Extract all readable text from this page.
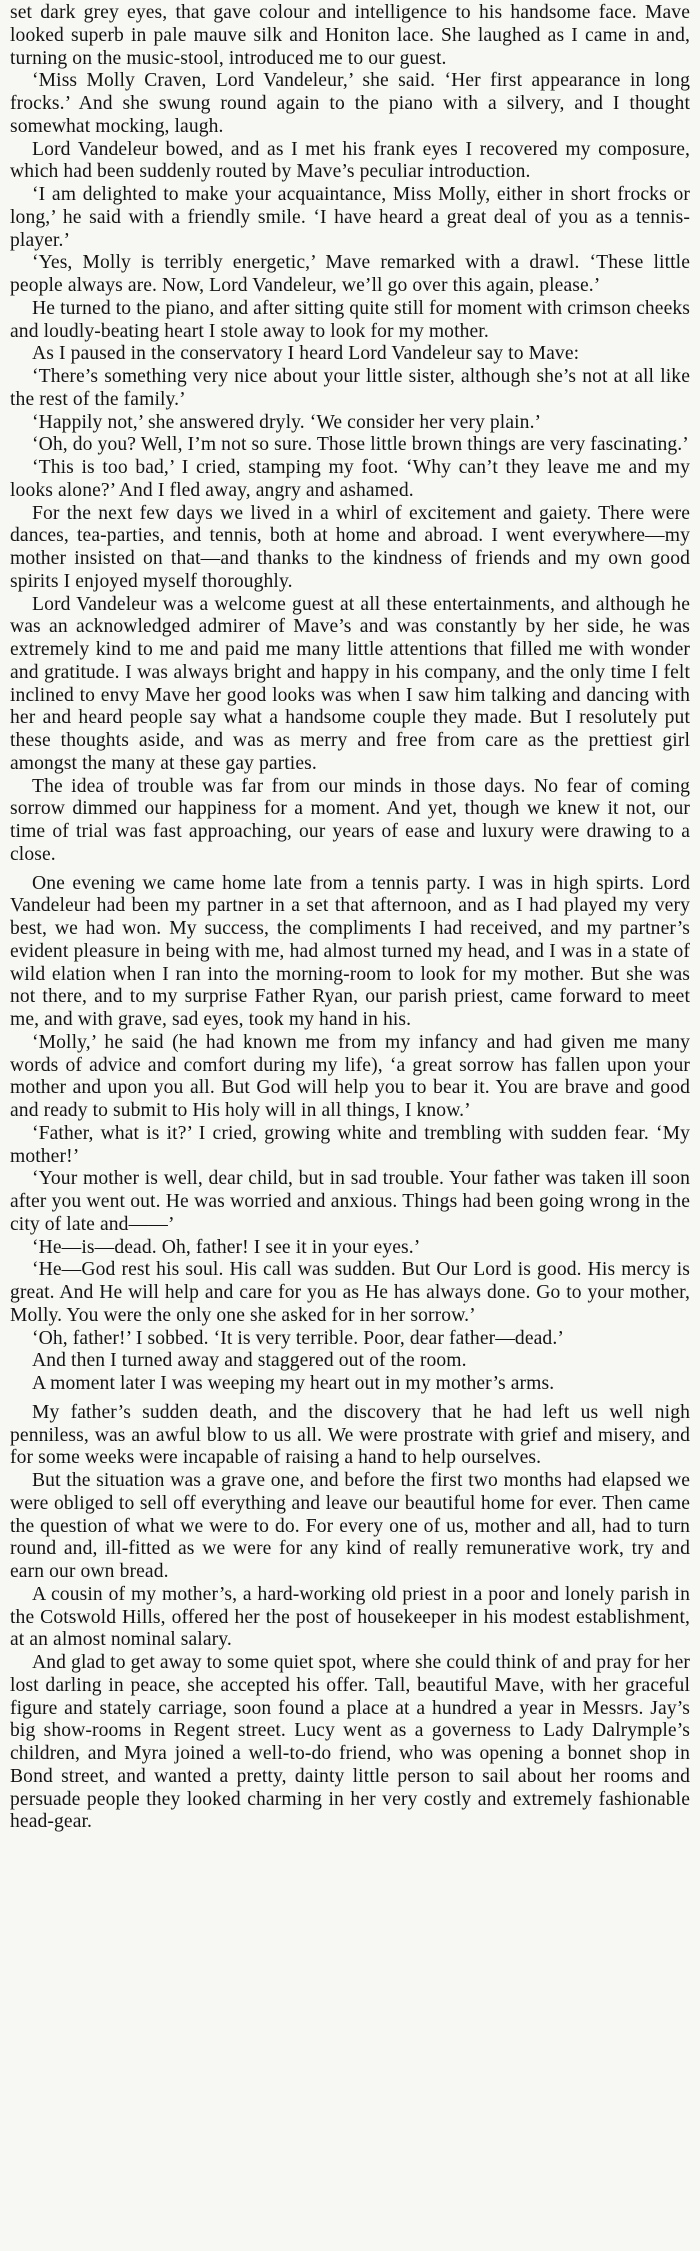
set dark grey eyes, that gave colour and intelligence to his handsome face. Mave looked superb in pale mauve silk and Honiton lace. She laughed as I came in and, turning on the music-stool, introduced me to our guest.

‘Miss Molly Craven, Lord Vandeleur,’ she said. ‘Her first appearance in long frocks.’ And she swung round again to the piano with a silvery, and I thought somewhat mocking, laugh.

Lord Vandeleur bowed, and as I met his frank eyes I recovered my composure, which had been suddenly routed by Mave’s peculiar introduction.

‘I am delighted to make your acquaintance, Miss Molly, either in short frocks or long,’ he said with a friendly smile. ‘I have heard a great deal of you as a tennis-player.’

‘Yes, Molly is terribly energetic,’ Mave remarked with a drawl. ‘These little people always are. Now, Lord Vandeleur, we’ll go over this again, please.’

He turned to the piano, and after sitting quite still for moment with crimson cheeks and loudly-beating heart I stole away to look for my mother.

As I paused in the conservatory I heard Lord Vandeleur say to Mave:

‘There’s something very nice about your little sister, although she’s not at all like the rest of the family.’

‘Happily not,’ she answered dryly. ‘We consider her very plain.’

‘Oh, do you? Well, I’m not so sure. Those little brown things are very fascinating.’

‘This is too bad,’ I cried, stamping my foot. ‘Why can’t they leave me and my looks alone?’ And I fled away, angry and ashamed.

For the next few days we lived in a whirl of excitement and gaiety. There were dances, tea-parties, and tennis, both at home and abroad. I went everywhere—my mother insisted on that—and thanks to the kindness of friends and my own good spirits I enjoyed myself thoroughly.

Lord Vandeleur was a welcome guest at all these entertainments, and although he was an acknowledged admirer of Mave’s and was constantly by her side, he was extremely kind to me and paid me many little attentions that filled me with wonder and gratitude. I was always bright and happy in his company, and the only time I felt inclined to envy Mave her good looks was when I saw him talking and dancing with her and heard people say what a handsome couple they made. But I resolutely put these thoughts aside, and was as merry and free from care as the prettiest girl amongst the many at these gay parties.

The idea of trouble was far from our minds in those days. No fear of coming sorrow dimmed our happiness for a moment. And yet, though we knew it not, our time of trial was fast approaching, our years of ease and luxury were drawing to a close.

One evening we came home late from a tennis party. I was in high spirts. Lord Vandeleur had been my partner in a set that afternoon, and as I had played my very best, we had won. My success, the compliments I had received, and my partner’s evident pleasure in being with me, had almost turned my head, and I was in a state of wild elation when I ran into the morning-room to look for my mother. But she was not there, and to my surprise Father Ryan, our parish priest, came forward to meet me, and with grave, sad eyes, took my hand in his.

‘Molly,’ he said (he had known me from my infancy and had given me many words of advice and comfort during my life), ‘a great sorrow has fallen upon your mother and upon you all. But God will help you to bear it. You are brave and good and ready to submit to His holy will in all things, I know.’

‘Father, what is it?’ I cried, growing white and trembling with sudden fear. ‘My mother!’

‘Your mother is well, dear child, but in sad trouble. Your father was taken ill soon after you went out. He was worried and anxious. Things had been going wrong in the city of late and——’

‘He—is—dead. Oh, father! I see it in your eyes.’

‘He—God rest his soul. His call was sudden. But Our Lord is good. His mercy is great. And He will help and care for you as He has always done. Go to your mother, Molly. You were the only one she asked for in her sorrow.’

‘Oh, father!’ I sobbed. ‘It is very terrible. Poor, dear father—dead.’

And then I turned away and staggered out of the room.

A moment later I was weeping my heart out in my mother’s arms.

My father’s sudden death, and the discovery that he had left us well nigh penniless, was an awful blow to us all. We were prostrate with grief and misery, and for some weeks were incapable of raising a hand to help ourselves.

But the situation was a grave one, and before the first two months had elapsed we were obliged to sell off everything and leave our beautiful home for ever. Then came the question of what we were to do. For every one of us, mother and all, had to turn round and, ill-fitted as we were for any kind of really remunerative work, try and earn our own bread.

A cousin of my mother’s, a hard-working old priest in a poor and lonely parish in the Cotswold Hills, offered her the post of housekeeper in his modest establishment, at an almost nominal salary.

And glad to get away to some quiet spot, where she could think of and pray for her lost darling in peace, she accepted his offer. Tall, beautiful Mave, with her graceful figure and stately carriage, soon found a place at a hundred a year in Messrs. Jay’s big show-rooms in Regent street. Lucy went as a governess to Lady Dalrymple’s children, and Myra joined a well-to-do friend, who was opening a bonnet shop in Bond street, and wanted a pretty, dainty little person to sail about her rooms and persuade people they looked charming in her very costly and extremely fashionable head-gear.
